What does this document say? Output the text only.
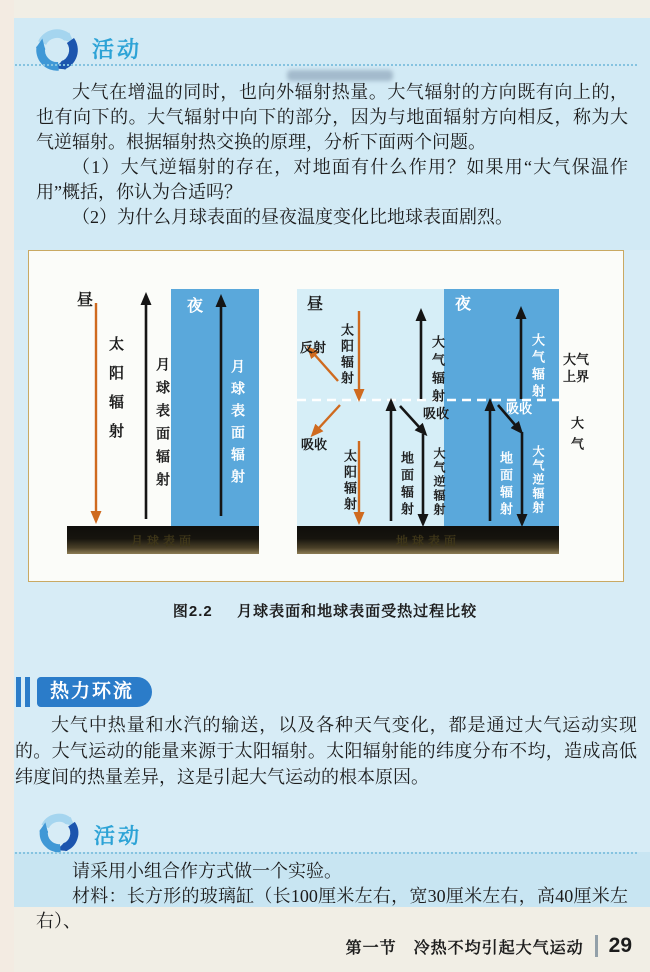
活动

大气在增温的同时，也向外辐射热量。大气辐射的方向既有向上的，也有向下的。大气辐射中向下的部分，因为与地面辐射方向相反，称为大气逆辐射。根据辐射热交换的原理，分析下面两个问题。

（1）大气逆辐射的存在，对地面有什么作用？如果用“大气保温作用”概括，你认为合适吗？

（2）为什么月球表面的昼夜温度变化比地球表面剧烈。

昼	夜
太阳辐射 月球表面辐射	月球表面辐射
月球表面
昼	夜
太阳辐射
反射	大气辐射
吸收
太阳辐射	地面辐射
吸收
大气逆辐射
大气辐射
地面辐射
吸收
大气逆辐射
地球表面
大气
上界
大气
图2.2 月球表面和地球表面受热过程比较
热力环流

大气中热量和水汽的输送，以及各种天气变化，都是通过大气运动实现的。大气运动的能量来源于太阳辐射。太阳辐射能的纬度分布不均，造成高低纬度间的热量差异，这是引起大气运动的根本原因。

活动

请采用小组合作方式做一个实验。

材料：长方形的玻璃缸（长100厘米左右，宽30厘米左右，高40厘米左右）、

第一节　冷热不均引起大气运动 29
